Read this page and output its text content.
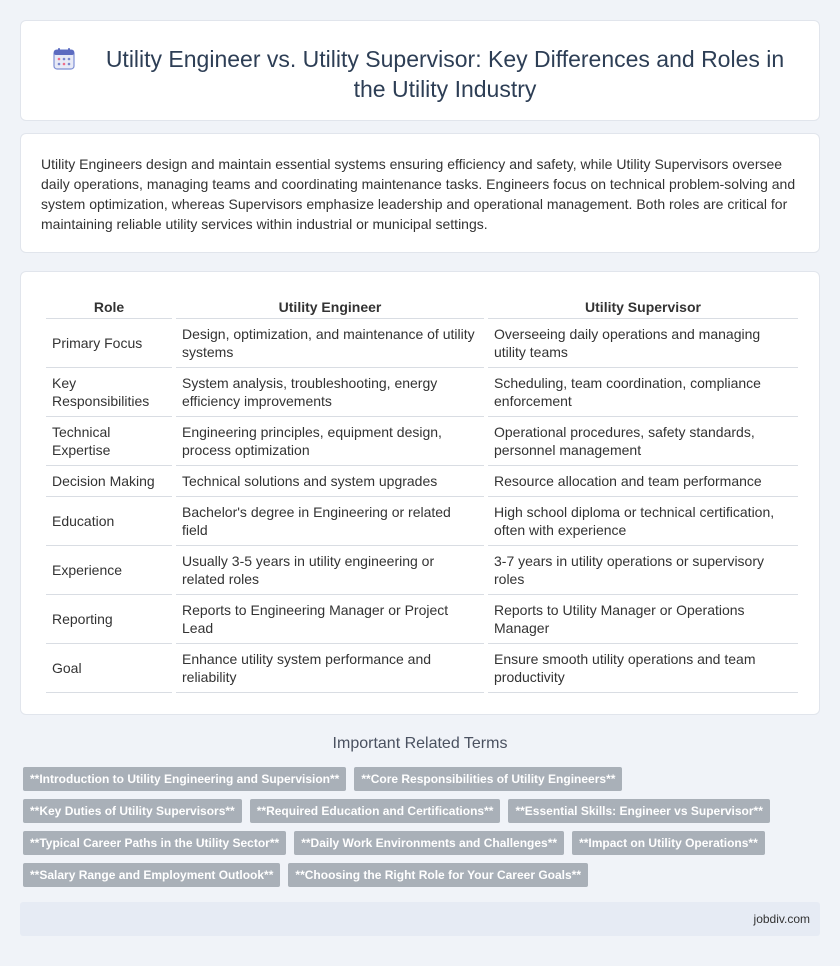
Utility Engineer vs. Utility Supervisor: Key Differences and Roles in the Utility Industry

Utility Engineers design and maintain essential systems ensuring efficiency and safety, while Utility Supervisors oversee daily operations, managing teams and coordinating maintenance tasks. Engineers focus on technical problem-solving and system optimization, whereas Supervisors emphasize leadership and operational management. Both roles are critical for maintaining reliable utility services within industrial or municipal settings.

Role	Utility Engineer	Utility Supervisor
Primary Focus	Design, optimization, and maintenance of utility systems	Overseeing daily operations and managing utility teams
Key Responsibilities	System analysis, troubleshooting, energy efficiency improvements	Scheduling, team coordination, compliance enforcement
Technical Expertise	Engineering principles, equipment design, process optimization	Operational procedures, safety standards, personnel management
Decision Making	Technical solutions and system upgrades	Resource allocation and team performance
Education	Bachelor's degree in Engineering or related field	High school diploma or technical certification, often with experience
Experience	Usually 3-5 years in utility engineering or related roles	3-7 years in utility operations or supervisory roles
Reporting	Reports to Engineering Manager or Project Lead	Reports to Utility Manager or Operations Manager
Goal	Enhance utility system performance and reliability	Ensure smooth utility operations and team productivity
Important Related Terms
**Introduction to Utility Engineering and Supervision**	**Core Responsibilities of Utility Engineers**
**Key Duties of Utility Supervisors**	**Required Education and Certifications**	**Essential Skills: Engineer vs Supervisor**
**Typical Career Paths in the Utility Sector**	**Daily Work Environments and Challenges**	**Impact on Utility Operations**
**Salary Range and Employment Outlook**	**Choosing the Right Role for Your Career Goals**
jobdiv.com
